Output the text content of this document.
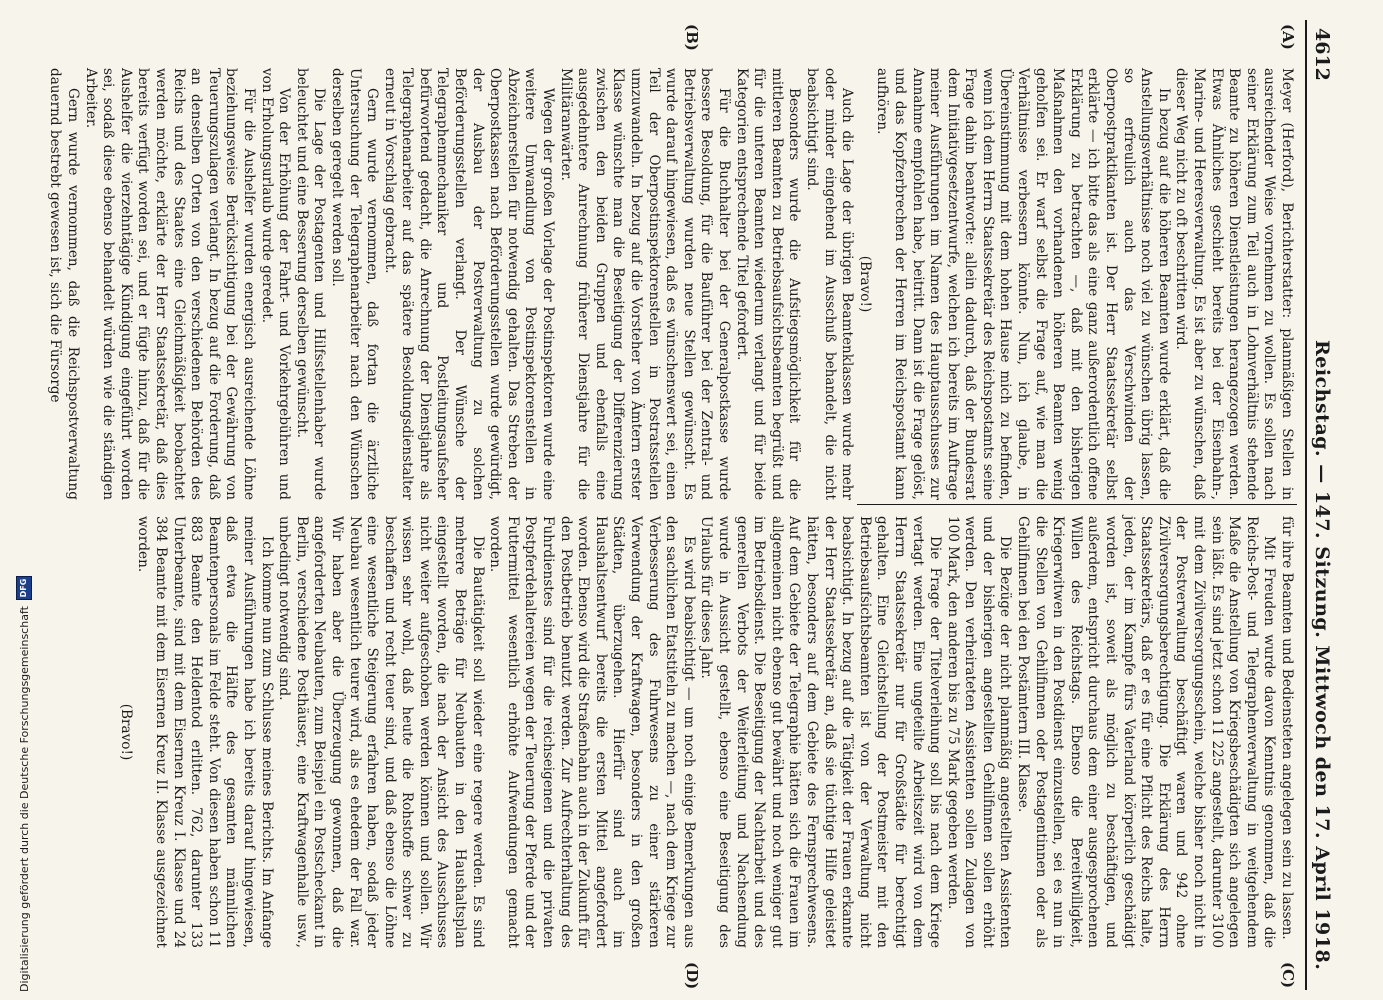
4612
Reichstag. — 147. Sitzung. Mittwoch den 17. April 1918.
(A)
(B)
(C)
(D)

Meyer (Herford), Berichterstatter: planmäßigen Stellen in ausreichender Weise vornehmen zu wollen. Es sollen nach seiner Erklärung zum Teil auch in Lohnverhältnis stehende Beamte zu höheren Dienstleistungen herangezogen werden. Etwas Ähnliches geschieht bereits bei der Eisenbahn-, Marine- und Heeresverwaltung. Es ist aber zu wünschen, daß dieser Weg nicht zu oft beschritten wird.

In bezug auf die höheren Beamten wurde erklärt, daß die Anstellungsverhältnisse noch viel zu wünschen übrig lassen, so erfreulich auch das Verschwinden der Oberpostpraktikanten ist. Der Herr Staatssekretär selbst erklärte — ich bitte das als eine ganz außerordentlich offene Erklärung zu betrachten —, daß mit den bisherigen Maßnahmen den vorhandenen höheren Beamten wenig geholfen sei. Er warf selbst die Frage auf, wie man die Verhältnisse verbessern könnte. Nun, ich glaube, in Übereinstimmung mit dem hohen Hause mich zu befinden, wenn ich dem Herrn Staatssekretär des Reichspostamts seine Frage dahin beantworte: allein dadurch, daß der Bundesrat dem Initiativgesetzentwurfe, welchen ich bereits im Auftrage meiner Ausführungen im Namen des Hauptausschusses zur Annahme empfohlen habe, beitritt. Dann ist die Frage gelöst, und das Kopfzerbrechen der Herren im Reichspostamt kann aufhören.

(Bravo!)

Auch die Lage der übrigen Beamtenklassen wurde mehr oder minder eingehend im Ausschuß behandelt, die nicht beabsichtigt sind.

Besonders wurde die Aufstiegsmöglichkeit für die mittleren Beamten zu Betriebsaufsichtsbeamten begrüßt und für die unteren Beamten wiederum verlangt und für beide Kategorien entsprechende Titel gefordert.

Für die Buchhalter bei der Generalpostkasse wurde bessere Besoldung, für die Bauführer bei der Zentral- und Betriebsverwaltung wurden neue Stellen gewünscht. Es wurde darauf hingewiesen, daß es wünschenswert sei, einen Teil der Oberpostinspektorenstellen in Postratsstellen umzuwandeln. In bezug auf die Vorsteher von Ämtern erster Klasse wünschte man die Beseitigung der Differenzierung zwischen den beiden Gruppen und ebenfalls eine ausgedehntere Anrechnung früherer Dienstjahre für die Militäranwärter.

Wegen der großen Vorlage der Postinspektoren wurde eine weitere Umwandlung von Postinspektorenstellen in Abzeichnerstellen für notwendig gehalten. Das Streben der Oberpostkassen nach Beförderungsstellen wurde gewürdigt, der Ausbau der Postverwaltung zu solchen Beförderungsstellen verlangt. Der Wünsche der Telegraphenmechaniker und Postleitungsaufseher befürwortend gedacht, die Anrechnung der Dienstjahre als Telegraphenarbeiter auf das spätere Besoldungsdienstalter erneut in Vorschlag gebracht.

Gern wurde vernommen, daß fortan die ärztliche Untersuchung der Telegraphenarbeiter nach den Wünschen derselben geregelt werden soll.

Die Lage der Postagenten und Hilfsstellenhaber wurde beleuchtet und eine Besserung derselben gewünscht.

Von der Erhöhung der Fahrt- und Vorkehrgebühren und von Erholungsurlaub wurde geredet.

Für die Aushelfer wurden energisch ausreichende Löhne beziehungsweise Berücksichtigung bei der Gewährung von Teuerungszulagen verlangt. In bezug auf die Forderung, daß an denselben Orten von den verschiedenen Behörden des Reichs und des Staates eine Gleichmäßigkeit beobachtet werden möchte, erklärte der Herr Staatssekretär, daß dies bereits verfügt worden sei, und er fügte hinzu, daß für die Aushelfer die vierzehntägige Kündigung eingeführt worden sei, sodaß diese ebenso behandelt würden wie die ständigen Arbeiter.

Gern wurde vernommen, daß die Reichspostverwaltung dauernd bestrebt gewesen ist, sich die Fürsorge

für ihre Beamten und Bediensteten angelegen sein zu lassen.

Mit Freuden wurde davon Kenntnis genommen, daß die Reichs-Post- und Telegraphenverwaltung in weitgehendem Maße die Anstellung von Kriegsbeschädigten sich angelegen sein läßt. Es sind jetzt schon 11 225 angestellt, darunter 3100 mit dem Zivilversorgungsschein, welche bisher noch nicht in der Postverwaltung beschäftigt waren und 942 ohne Zivilversorgungsberechtigung. Die Erklärung des Herrn Staatssekretärs, daß er es für eine Pflicht des Reichs halte, jeden, der im Kampfe fürs Vaterland körperlich geschädigt worden ist, soweit als möglich zu beschäftigen, und außerdem, entspricht durchaus dem einer ausgesprochenen Willen des Reichstags. Ebenso die Bereitwilligkeit, Kriegerwitwen in den Postdienst einzustellen, sei es nun in die Stellen von Gehilfinnen oder Postagentinnen oder als Gehilfinnen bei den Postämtern III. Klasse.

Die Bezüge der nicht planmäßig angestellten Assistenten und der bisherigen angestellten Gehilfinnen sollen erhöht werden. Den verheirateten Assistenten sollen Zulagen von 100 Mark, den anderen bis zu 75 Mark gegeben werden.

Die Frage der Titelverleihung soll bis nach dem Kriege vertagt werden. Eine ungeteilte Arbeitszeit wird von dem Herrn Staatssekretär nur für Großstädte für berechtigt gehalten. Eine Gleichstellung der Postmeister mit den Betriebsaufsichtsbeamten ist von der Verwaltung nicht beabsichtigt. In bezug auf die Tätigkeit der Frauen erkannte der Herr Staatssekretär an, daß sie tüchtige Hilfe geleistet hätten, besonders auf dem Gebiete des Fernsprechwesens. Auf dem Gebiete der Telegraphie hätten sich die Frauen im allgemeinen nicht ebenso gut bewährt und noch weniger gut im Betriebsdienst. Die Beseitigung der Nachtarbeit und des generellen Verbots der Weiterleitung und Nachsendung wurde in Aussicht gestellt, ebenso eine Beseitigung des Urlaubs für dieses Jahr.

Es wird beabsichtigt — um noch einige Bemerkungen aus den sachlichen Etatstiteln zu machen —, nach dem Kriege zur Verbesserung des Fuhrwesens zu einer stärkeren Verwendung der Kraftwagen, besonders in den großen Städten, überzugehen. Hierfür sind auch im Haushaltsentwurf bereits die ersten Mittel angefordert worden. Ebenso wird die Straßenbahn auch in der Zukunft für den Postbetrieb benutzt werden. Zur Aufrechterhaltung des Fuhrdienstes sind für die reichseigenen und die privaten Postpferdehaltereien wegen der Teuerung der Pferde und der Futtermittel wesentlich erhöhte Aufwendungen gemacht worden.

Die Bautätigkeit soll wieder eine regere werden. Es sind mehrere Beträge für Neubauten in den Haushaltsplan eingestellt worden, die nach der Ansicht des Ausschusses nicht weiter aufgeschoben werden können und sollen. Wir wissen sehr wohl, daß heute die Rohstoffe schwer zu beschaffen und recht teuer sind, und daß ebenso die Löhne eine wesentliche Steigerung erfahren haben, sodaß jeder Neubau wesentlich teurer wird, als es ehedem der Fall war. Wir haben aber die Überzeugung gewonnen, daß die angeforderten Neubauten, zum Beispiel ein Postscheckamt in Berlin, verschiedene Posthäuser, eine Kraftwagenhalle usw., unbedingt notwendig sind.

Ich komme nun zum Schlusse meines Berichts. Im Anfange meiner Ausführungen habe ich bereits darauf hingewiesen, daß etwa die Hälfte des gesamten männlichen Beamtenpersonals im Felde steht. Von diesen haben schon 11 883 Beamte den Heldentod erlitten. 762, darunter 133 Unterbeamte, sind mit dem Eisernen Kreuz I. Klasse und 24 384 Beamte mit dem Eisernen Kreuz II. Klasse ausgezeichnet worden.

(Bravo!)

Digitalisierung gefördert durch die Deutsche Forschungsgemeinschaft
DFG
